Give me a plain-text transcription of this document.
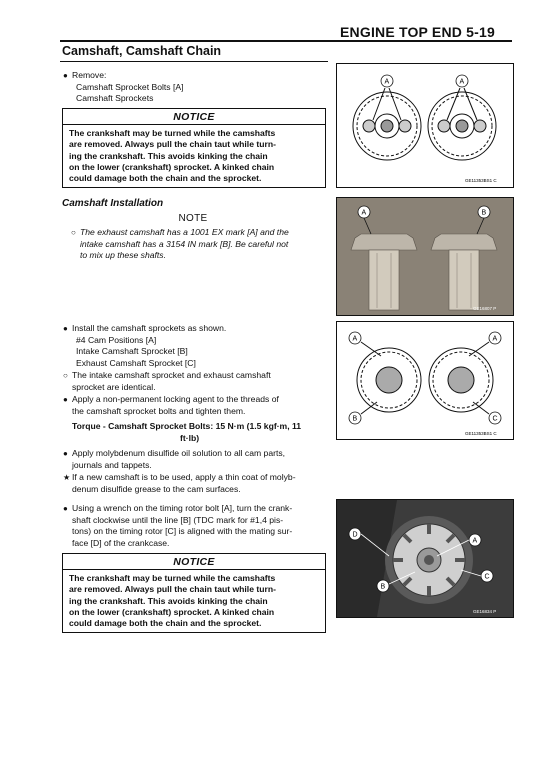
ENGINE TOP END 5-19
Camshaft, Camshaft Chain
● Remove:
Camshaft Sprocket Bolts [A]
Camshaft Sprockets
NOTICE
The crankshaft may be turned while the camshafts
are removed. Always pull the chain taut while turn-
ing the crankshaft. This avoids kinking the chain
on the lower (crankshaft) sprocket. A kinked chain
could damage both the chain and the sprocket.
Camshaft Installation
NOTE
○ The exhaust camshaft has a 1001 EX mark [A] and the
intake camshaft has a 3154 IN mark [B]. Be careful not
to mix up these shafts.
● Install the camshaft sprockets as shown.
#4 Cam Positions [A]
Intake Camshaft Sprocket [B]
Exhaust Camshaft Sprocket [C]
○ The intake camshaft sprocket and exhaust camshaft
sprocket are identical.
● Apply a non-permanent locking agent to the threads of
the camshaft sprocket bolts and tighten them.
Torque - Camshaft Sprocket Bolts: 15 N·m (1.5 kgf·m, 11
ft·lb)
● Apply molybdenum disulfide oil solution to all cam parts,
journals and tappets.
★ If a new camshaft is to be used, apply a thin coat of molyb-
denum disulfide grease to the cam surfaces.
● Using a wrench on the timing rotor bolt [A], turn the crank-
shaft clockwise until the line [B] (TDC mark for #1,4 pis-
tons) on the timing rotor [C] is aligned with the mating sur-
face [D] of the crankcase.
NOTICE
The crankshaft may be turned while the camshafts
are removed. Always pull the chain taut while turn-
ing the crankshaft. This avoids kinking the chain
on the lower (crankshaft) sprocket. A kinked chain
could damage both the chain and the sprocket.
A	A
GE11353BS1 C
A	B
GE16807 P
A	A
B	C
GE11353BS1 C
D
A
B
C
GE16834 P
